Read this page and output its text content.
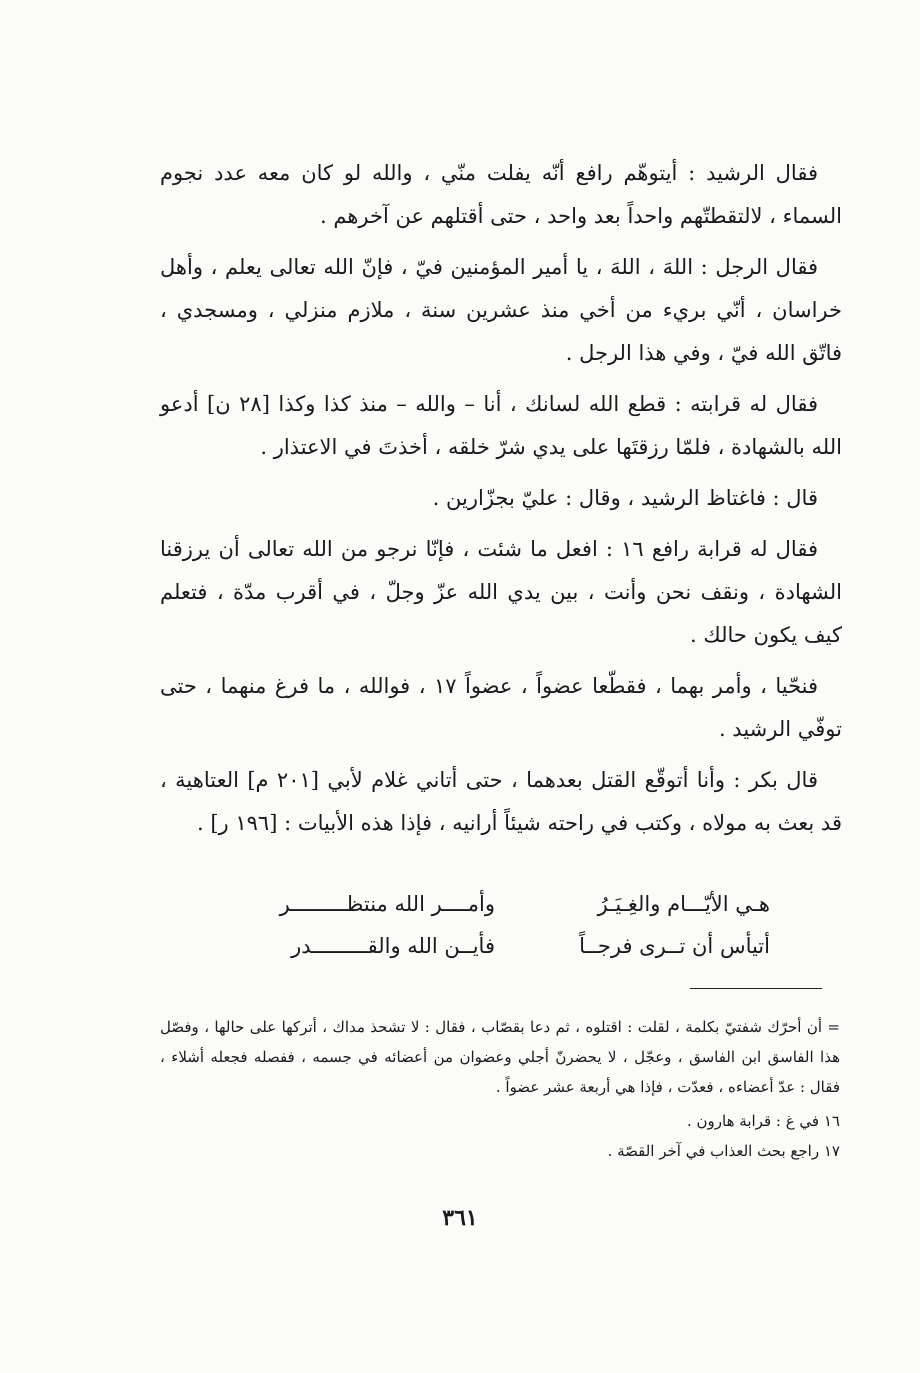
فقال الرشيد : أيتوهّم رافع أنّه يفلت منّي ، والله لو كان معه عدد نجوم السماء ، لالتقطتّهم واحداً بعد واحد ، حتى أقتلهم عن آخرهم .

فقال الرجل : اللهَ ، اللهَ ، يا أمير المؤمنين فيّ ، فإنّ الله تعالى يعلم ، وأهل خراسان ، أنّي بريء من أخي منذ عشرين سنة ، ملازم منزلي ، ومسجدي ، فاتّق الله فيّ ، وفي هذا الرجل .

فقال له قرابته : قطع الله لسانك ، أنا – والله – منذ كذا وكذا [٢٨ ن] أدعو الله بالشهادة ، فلمّا رزقتَها على يدي شرّ خلقه ، أخذتَ في الاعتذار .

قال : فاغتاظ الرشيد ، وقال : عليّ بجزّارين .

فقال له قرابة رافع ١٦ : افعل ما شئت ، فإنّا نرجو من الله تعالى أن يرزقنا الشهادة ، ونقف نحن وأنت ، بين يدي الله عزّ وجلّ ، في أقرب مدّة ، فتعلم كيف يكون حالك .

فنحّيا ، وأمر بهما ، فقطّعا عضواً ، عضواً ١٧ ، فوالله ، ما فرغ منهما ، حتى توفّي الرشيد .

قال بكر : وأنا أتوقّع القتل بعدهما ، حتى أتاني غلام لأبي [٢٠١ م] العتاهية ، قد بعث به مولاه ، وكتب في راحته شيئاً أرانيه ، فإذا هذه الأبيات : [١٩٦ ر] .

هـي الأيّـــام والغِـيَـرُ
وأمــــر الله منتظـــــــــر
أتيأس أن تــرى فرجــاً
فأيــن الله والقـــــــــدر

= أن أحرّك شفتيّ بكلمة ، لقلت : اقتلوه ، ثم دعا بقصّاب ، فقال : لا تشحذ مداك ، أتركها على حالها ، وفصّل هذا الفاسق ابن الفاسق ، وعجّل ، لا يحضرنّ أجلي وعضوان من أعضائه في جسمه ، ففصله فجعله أشلاء ، فقال : عدّ أعضاءه ، فعدّت ، فإذا هي أربعة عشر عضواً .

١٦ في غ : قرابة هارون .

١٧ راجع بحث العذاب في آخر القصّة .

٣٦١
